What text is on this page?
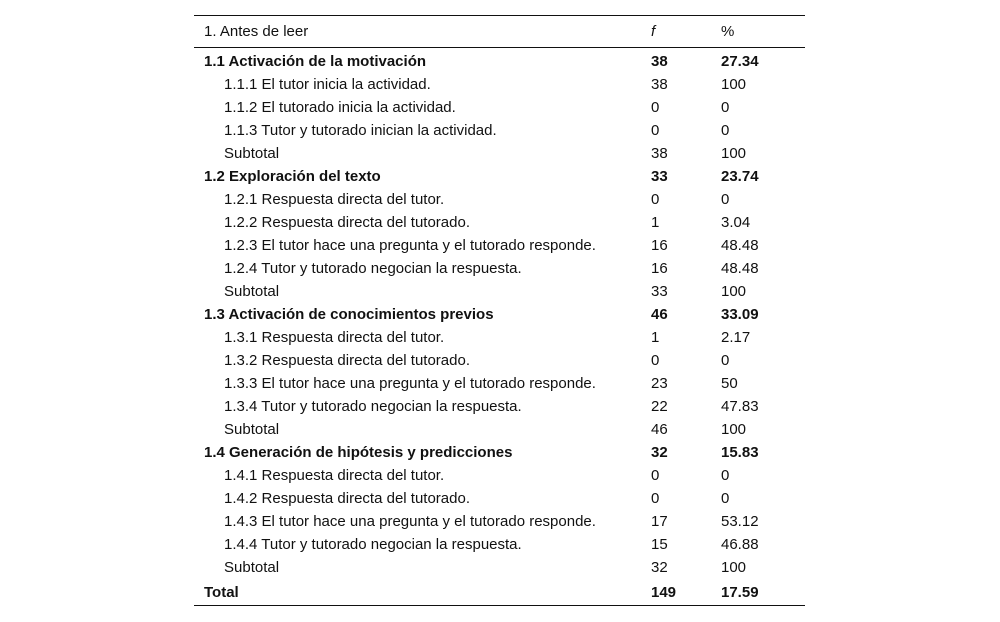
1. Antes de leer	f	%
1.1 Activación de la motivación	38	27.34
1.1.1 El tutor inicia la actividad.	38	100
1.1.2 El tutorado inicia la actividad.	0	0
1.1.3 Tutor y tutorado inician la actividad.	0	0
Subtotal	38	100
1.2 Exploración del texto	33	23.74
1.2.1 Respuesta directa del tutor.	0	0
1.2.2 Respuesta directa del tutorado.	1	3.04
1.2.3 El tutor hace una pregunta y el tutorado responde.	16	48.48
1.2.4 Tutor y tutorado negocian la respuesta.	16	48.48
Subtotal	33	100
1.3 Activación de conocimientos previos	46	33.09
1.3.1 Respuesta directa del tutor.	1	2.17
1.3.2 Respuesta directa del tutorado.	0	0
1.3.3 El tutor hace una pregunta y el tutorado responde.	23	50
1.3.4 Tutor y tutorado negocian la respuesta.	22	47.83
Subtotal	46	100
1.4 Generación de hipótesis y predicciones	32	15.83
1.4.1 Respuesta directa del tutor.	0	0
1.4.2 Respuesta directa del tutorado.	0	0
1.4.3 El tutor hace una pregunta y el tutorado responde.	17	53.12
1.4.4 Tutor y tutorado negocian la respuesta.	15	46.88
Subtotal	32	100
Total	149	17.59
